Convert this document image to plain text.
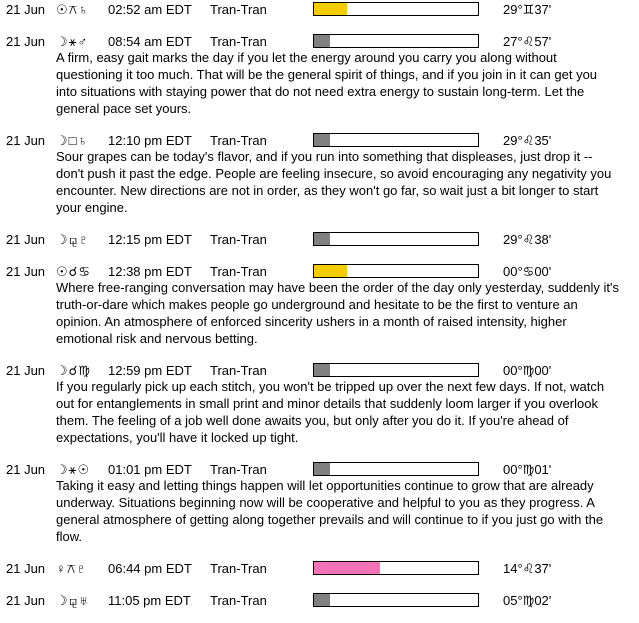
21 Jun ☉⚻♄ 02:52 am EDT Tran-Tran	29°♊37'
21 Jun ☽⚹♂ 08:54 am EDT Tran-Tran	27°♌57'

A firm, easy gait marks the day if you let the energy around you carry you along without questioning it too much. That will be the general spirit of things, and if you join in it can get you into situations with staying power that do not need extra energy to sustain long-term. Let the general pace set yours.

21 Jun ☽□♄ 12:10 pm EDT Tran-Tran	29°♌35'

Sour grapes can be today's flavor, and if you run into something that displeases, just drop it -- don't push it past the edge. People are feeling insecure, so avoid encouraging any negativity you encounter. New directions are not in order, as they won't go far, so wait just a bit longer to start your engine.

21 Jun ☽⚼♇ 12:15 pm EDT Tran-Tran	29°♌38'
21 Jun ☉☌♋ 12:38 pm EDT Tran-Tran	00°♋00'

Where free-ranging conversation may have been the order of the day only yesterday, suddenly it's truth-or-dare which makes people go underground and hesitate to be the first to venture an opinion. An atmosphere of enforced sincerity ushers in a month of raised intensity, higher emotional risk and nervous betting.

21 Jun ☽☌♍ 12:59 pm EDT Tran-Tran	00°♍00'

If you regularly pick up each stitch, you won't be tripped up over the next few days. If not, watch out for entanglements in small print and minor details that suddenly loom larger if you overlook them. The feeling of a job well done awaits you, but only after you do it. If you're ahead of expectations, you'll have it locked up tight.

21 Jun ☽⚹☉ 01:01 pm EDT Tran-Tran	00°♍01'

Taking it easy and letting things happen will let opportunities continue to grow that are already underway. Situations beginning now will be cooperative and helpful to you as they progress. A general atmosphere of getting along together prevails and will continue to if you just go with the flow.

21 Jun ♀⚻♇ 06:44 pm EDT Tran-Tran	14°♌37'
21 Jun ☽⚼♅ 11:05 pm EDT Tran-Tran	05°♍02'
